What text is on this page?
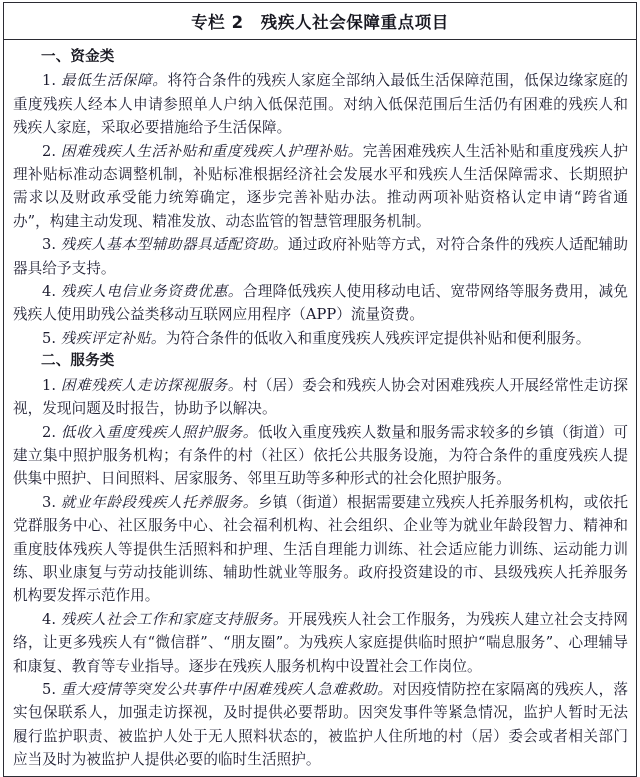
专栏 2　残疾人社会保障重点项目
一、资金类
1. 最低生活保障。将符合条件的残疾人家庭全部纳入最低生活保障范围，低保边缘家庭的重度残疾人经本人申请参照单人户纳入低保范围。对纳入低保范围后生活仍有困难的残疾人和残疾人家庭，采取必要措施给予生活保障。
2. 困难残疾人生活补贴和重度残疾人护理补贴。完善困难残疾人生活补贴和重度残疾人护理补贴标准动态调整机制，补贴标准根据经济社会发展水平和残疾人生活保障需求、长期照护需求以及财政承受能力统筹确定，逐步完善补贴办法。推动两项补贴资格认定申请“跨省通办”，构建主动发现、精准发放、动态监管的智慧管理服务机制。
3. 残疾人基本型辅助器具适配资助。通过政府补贴等方式，对符合条件的残疾人适配辅助器具给予支持。
4. 残疾人电信业务资费优惠。合理降低残疾人使用移动电话、宽带网络等服务费用，减免残疾人使用助残公益类移动互联网应用程序（APP）流量资费。
5. 残疾评定补贴。为符合条件的低收入和重度残疾人残疾评定提供补贴和便利服务。
二、服务类
1. 困难残疾人走访探视服务。村（居）委会和残疾人协会对困难残疾人开展经常性走访探视，发现问题及时报告，协助予以解决。
2. 低收入重度残疾人照护服务。低收入重度残疾人数量和服务需求较多的乡镇（街道）可建立集中照护服务机构；有条件的村（社区）依托公共服务设施，为符合条件的重度残疾人提供集中照护、日间照料、居家服务、邻里互助等多种形式的社会化照护服务。
3. 就业年龄段残疾人托养服务。乡镇（街道）根据需要建立残疾人托养服务机构，或依托党群服务中心、社区服务中心、社会福利机构、社会组织、企业等为就业年龄段智力、精神和重度肢体残疾人等提供生活照料和护理、生活自理能力训练、社会适应能力训练、运动能力训练、职业康复与劳动技能训练、辅助性就业等服务。政府投资建设的市、县级残疾人托养服务机构要发挥示范作用。
4. 残疾人社会工作和家庭支持服务。开展残疾人社会工作服务，为残疾人建立社会支持网络，让更多残疾人有“微信群”、“朋友圈”。为残疾人家庭提供临时照护“喘息服务”、心理辅导和康复、教育等专业指导。逐步在残疾人服务机构中设置社会工作岗位。
5. 重大疫情等突发公共事件中困难残疾人急难救助。对因疫情防控在家隔离的残疾人，落实包保联系人，加强走访探视，及时提供必要帮助。因突发事件等紧急情况，监护人暂时无法履行监护职责、被监护人处于无人照料状态的，被监护人住所地的村（居）委会或者相关部门应当及时为被监护人提供必要的临时生活照护。
